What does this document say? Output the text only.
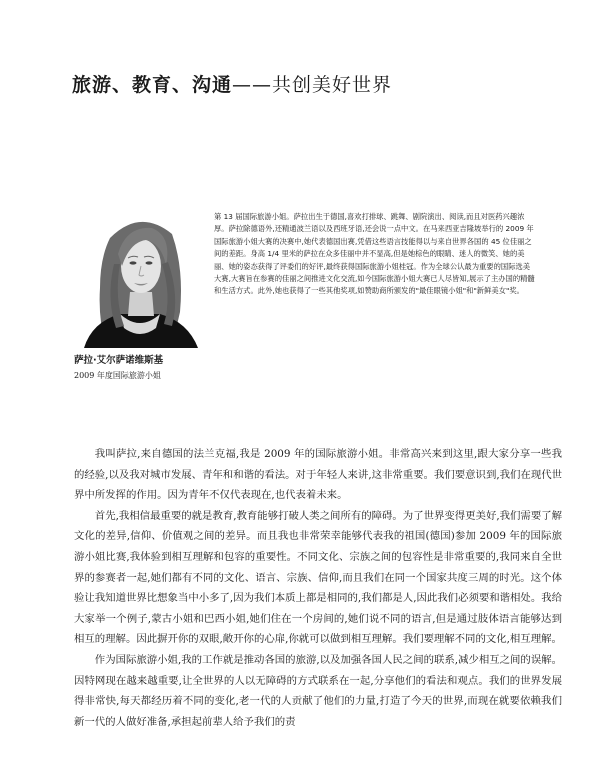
旅游、教育、沟通——共创美好世界
萨拉·艾尔萨诺维斯基
2009 年度国际旅游小姐
第 13 届国际旅游小姐。萨拉出生于德国,喜欢打排球、跳舞、剧院演出、阅读,而且对医药兴趣浓厚。萨拉除德语外,还精通波兰语以及西班牙语,还会说一点中文。在马来西亚吉隆坡举行的 2009 年国际旅游小姐大赛的决赛中,她代表德国出赛,凭借这些语言技能得以与来自世界各国的 45 位佳丽之间的差距。身高 1/4 里米的萨拉在众多佳丽中并不显高,但是她棕色的眼睛、迷人的微笑、她的美丽、她的姿态获得了评委们的好评,最终获得国际旅游小姐桂冠。作为全球公认最为重要的国际选美大赛,大赛旨在参赛的佳丽之间推进文化交流,如今国际旅游小姐大赛已人尽皆知,展示了主办国的精髓和生活方式。此外,她也获得了一些其他奖项,如赞助商所颁发的"最佳眼镜小姐"和"新鲜美女"奖。

我叫萨拉,来自德国的法兰克福,我是 2009 年的国际旅游小姐。非常高兴来到这里,跟大家分享一些我的经验,以及我对城市发展、青年和和谐的看法。对于年轻人来讲,这非常重要。我们要意识到,我们在现代世界中所发挥的作用。因为青年不仅代表现在,也代表着未来。

首先,我相信最重要的就是教育,教育能够打破人类之间所有的障碍。为了世界变得更美好,我们需要了解文化的差异,信仰、价值观之间的差异。而且我也非常荣幸能够代表我的祖国(德国)参加 2009 年的国际旅游小姐比赛,我体验到相互理解和包容的重要性。不同文化、宗族之间的包容性是非常重要的,我同来自全世界的参赛者一起,她们都有不同的文化、语言、宗族、信仰,而且我们在同一个国家共度三周的时光。这个体验让我知道世界比想象当中小多了,因为我们本质上都是相同的,我们都是人,因此我们必须要和谐相处。我给大家举一个例子,蒙古小姐和巴西小姐,她们住在一个房间的,她们说不同的语言,但是通过肢体语言能够达到相互的理解。因此摒开你的双眼,敞开你的心扉,你就可以做到相互理解。我们要理解不同的文化,相互理解。

作为国际旅游小姐,我的工作就是推动各国的旅游,以及加强各国人民之间的联系,减少相互之间的误解。因特网现在越来越重要,让全世界的人以无障碍的方式联系在一起,分享他们的看法和观点。我们的世界发展得非常快,每天都经历着不同的变化,老一代的人贡献了他们的力量,打造了今天的世界,而现在就要依赖我们新一代的人做好准备,承担起前辈人给予我们的责
